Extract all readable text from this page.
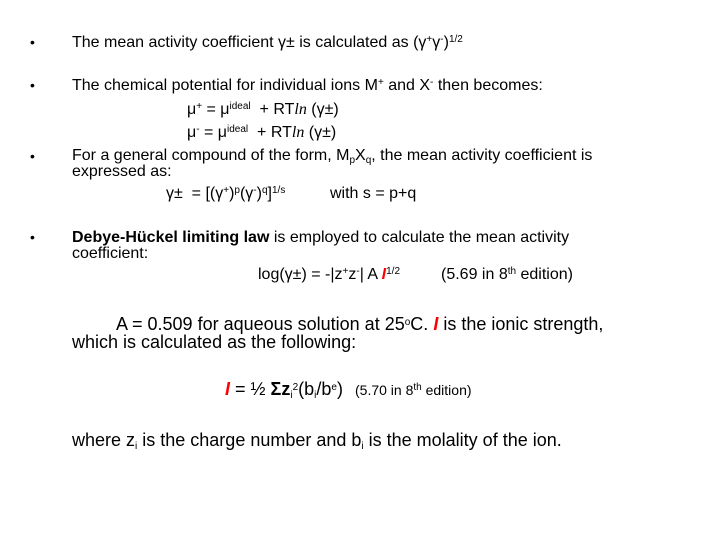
• The mean activity coefficient γ± is calculated as $(\gamma^+\gamma^-)^{1/2}$
• The chemical potential for individual ions M+ and X- then becomes:
$\mu^+ = \mu^{ideal} + RTln$ (γ±)
$\mu^- = \mu^{ideal} + RTln$ (γ±)
• For a general compound of the form, $M_pX_q$, the mean activity coefficient is
expressed as:
$\gamma\pm = [(\gamma^+)^p(\gamma^-)^q]^{1/s}$	with s = p+q
• Debye-Hückel limiting law is employed to calculate the mean activity
coefficient:
log(γ±) = -|z+z-| A $I^{1/2}$	(5.69 in 8th edition)
A = 0.509 for aqueous solution at 25$^o$C. I is the ionic strength,
which is calculated as the following:
I = ½ $\Sigma z_i^2(b_i/b^e)$ (5.70 in 8th edition)
where $z_i$ is the charge number and $b_i$ is the molality of the ion.
